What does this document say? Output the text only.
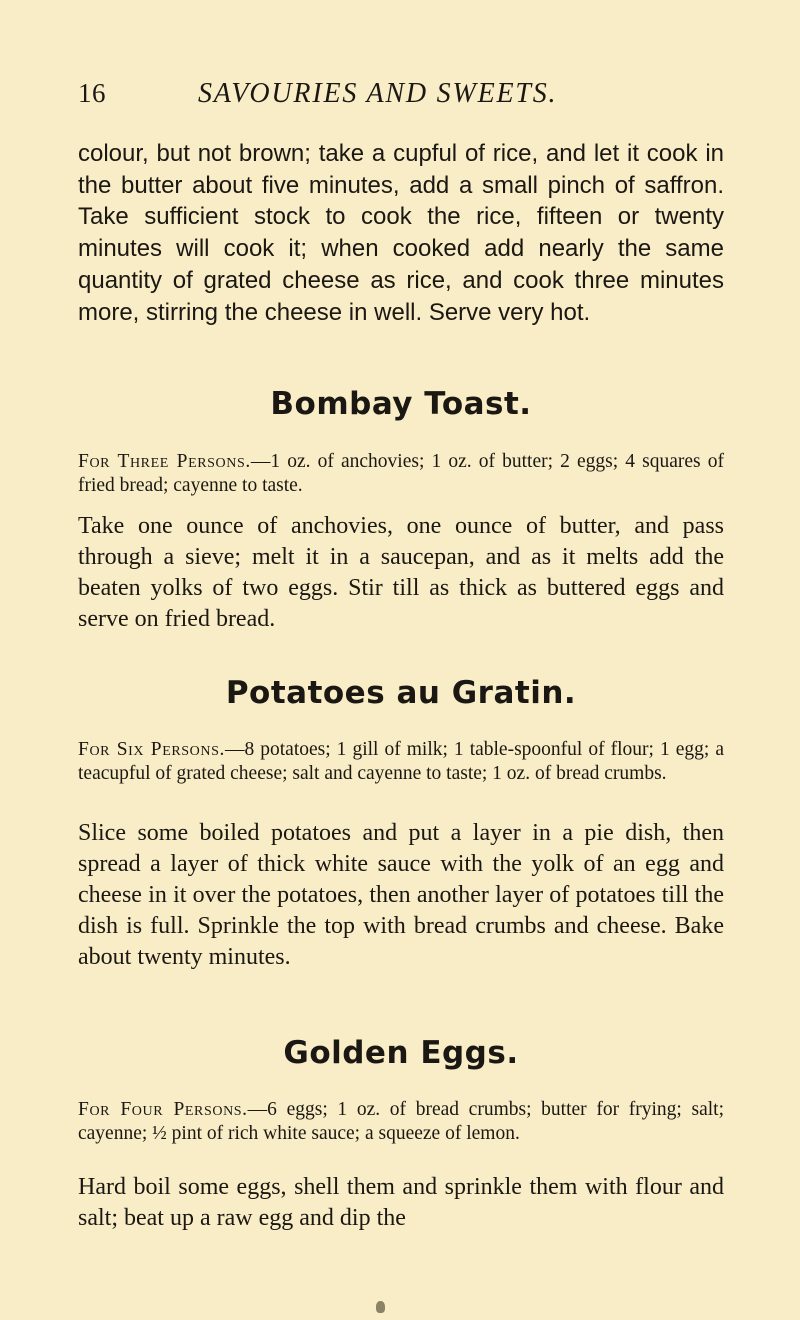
16	SAVOURIES AND SWEETS.

colour, but not brown; take a cupful of rice, and let it cook in the butter about five minutes, add a small pinch of saffron. Take sufficient stock to cook the rice, fifteen or twenty minutes will cook it; when cooked add nearly the same quantity of grated cheese as rice, and cook three minutes more, stirring the cheese in well. Serve very hot.

Bombay Toast.

For Three Persons.—1 oz. of anchovies; 1 oz. of butter; 2 eggs; 4 squares of fried bread; cayenne to taste.

Take one ounce of anchovies, one ounce of butter, and pass through a sieve; melt it in a saucepan, and as it melts add the beaten yolks of two eggs. Stir till as thick as buttered eggs and serve on fried bread.

Potatoes au Gratin.

For Six Persons.—8 potatoes; 1 gill of milk; 1 table-spoonful of flour; 1 egg; a teacupful of grated cheese; salt and cayenne to taste; 1 oz. of bread crumbs.

Slice some boiled potatoes and put a layer in a pie dish, then spread a layer of thick white sauce with the yolk of an egg and cheese in it over the potatoes, then another layer of potatoes till the dish is full. Sprinkle the top with bread crumbs and cheese. Bake about twenty minutes.

Golden Eggs.

For Four Persons.—6 eggs; 1 oz. of bread crumbs; butter for frying; salt; cayenne; ½ pint of rich white sauce; a squeeze of lemon.

Hard boil some eggs, shell them and sprinkle them with flour and salt; beat up a raw egg and dip the
